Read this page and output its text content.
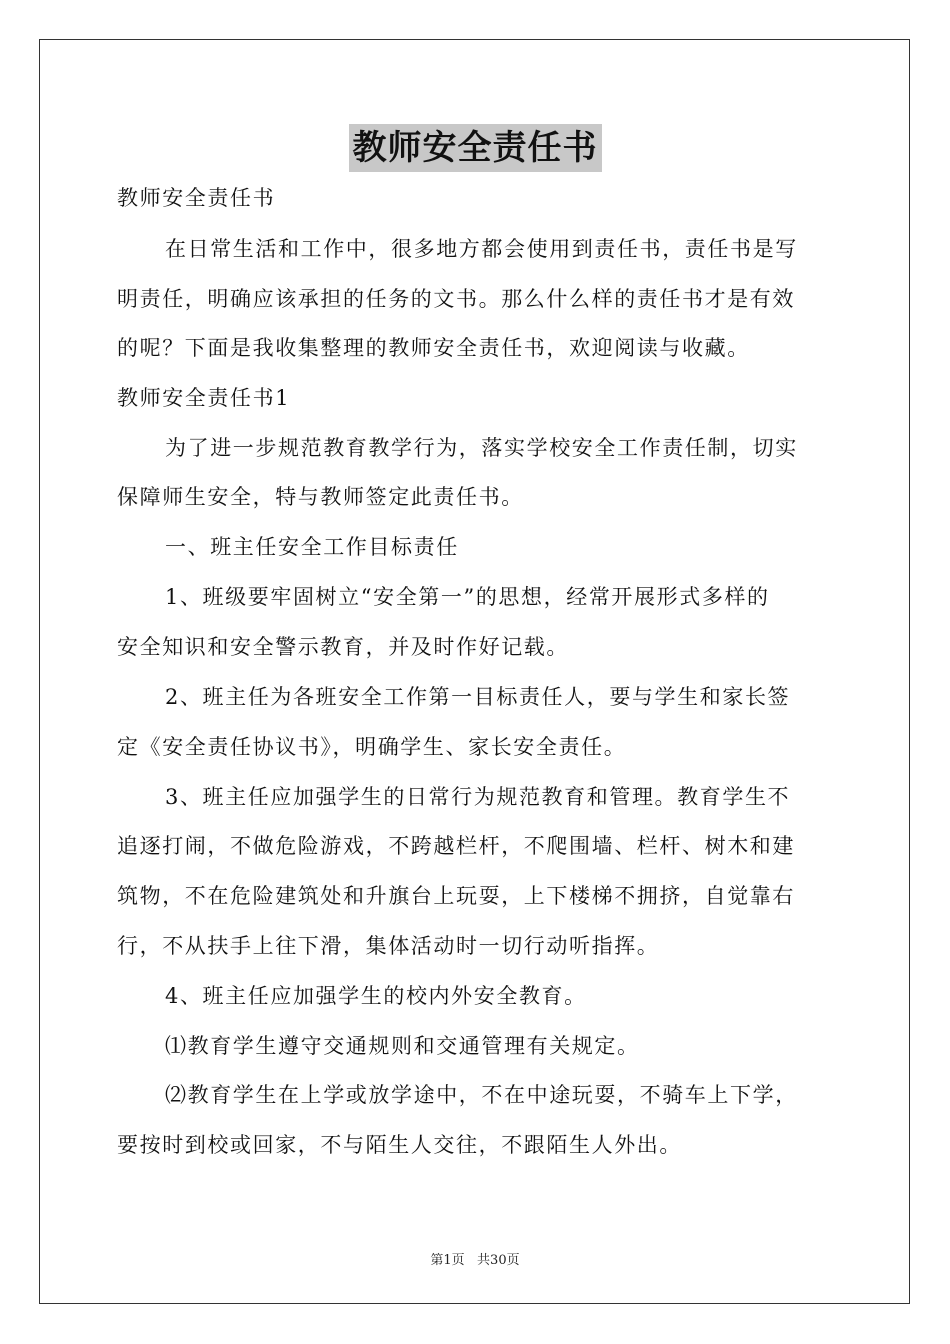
教师安全责任书
教师安全责任书
在日常生活和工作中，很多地方都会使用到责任书，责任书是写
明责任，明确应该承担的任务的文书。那么什么样的责任书才是有效
的呢？下面是我收集整理的教师安全责任书，欢迎阅读与收藏。
教师安全责任书1
为了进一步规范教育教学行为，落实学校安全工作责任制，切实
保障师生安全，特与教师签定此责任书。
一、班主任安全工作目标责任
1、班级要牢固树立“安全第一”的思想，经常开展形式多样的
安全知识和安全警示教育，并及时作好记载。
2、班主任为各班安全工作第一目标责任人，要与学生和家长签
定《安全责任协议书》，明确学生、家长安全责任。
3、班主任应加强学生的日常行为规范教育和管理。教育学生不
追逐打闹，不做危险游戏，不跨越栏杆，不爬围墙、栏杆、树木和建
筑物，不在危险建筑处和升旗台上玩耍，上下楼梯不拥挤，自觉靠右
行，不从扶手上往下滑，集体活动时一切行动听指挥。
4、班主任应加强学生的校内外安全教育。
⑴教育学生遵守交通规则和交通管理有关规定。
⑵教育学生在上学或放学途中，不在中途玩耍，不骑车上下学，
要按时到校或回家，不与陌生人交往，不跟陌生人外出。
第1页   共30页
